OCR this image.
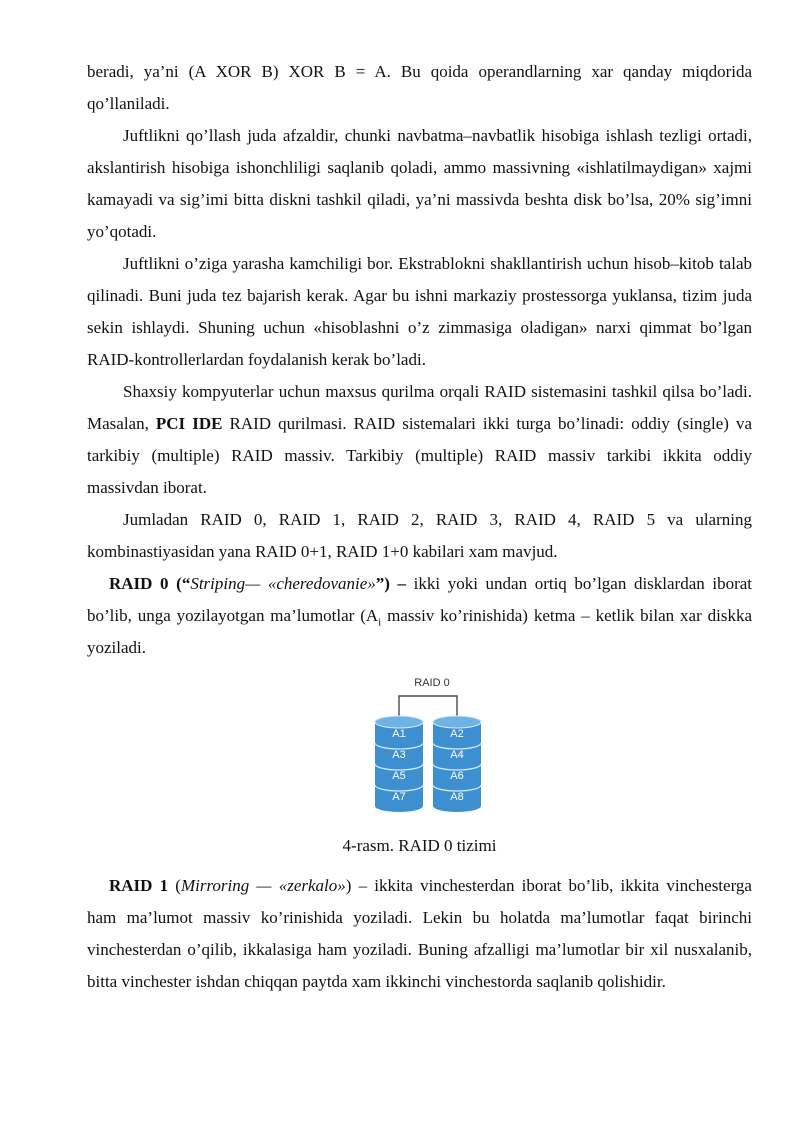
beradi, ya’ni (A XOR B) XOR B = A. Bu qoida operandlarning xar qanday miqdorida qo’llaniladi.

Juftlikni qo’llash juda afzaldir, chunki navbatma–navbatlik hisobiga ishlash tezligi ortadi, akslantirish hisobiga ishonchliligi saqlanib qoladi, ammo massivning «ishlatilmaydigan» xajmi kamayadi va sig’imi bitta diskni tashkil qiladi, ya’ni massivda beshta disk bo’lsa, 20% sig’imni yo’qotadi.

Juftlikni o’ziga yarasha kamchiligi bor. Ekstrablokni shakllantirish uchun hisob–kitob talab qilinadi. Buni juda tez bajarish kerak. Agar bu ishni markaziy prostessorga yuklansa, tizim juda sekin ishlaydi. Shuning uchun «hisoblashni o’z zimmasiga oladigan» narxi qimmat bo’lgan RAID-kontrollerlardan foydalanish kerak bo’ladi.

Shaxsiy kompyuterlar uchun maxsus qurilma orqali RAID sistemasini tashkil qilsa bo’ladi. Masalan, PCI IDE RAID qurilmasi. RAID sistemalari ikki turga bo’linadi: oddiy (single) va tarkibiy (multiple) RAID massiv. Tarkibiy (multiple) RAID massiv tarkibi ikkita oddiy massivdan iborat.

Jumladan RAID 0, RAID 1, RAID 2, RAID 3, RAID 4, RAID 5 va ularning kombinastiyasidan yana RAID 0+1, RAID 1+0 kabilari xam mavjud.

RAID 0 (“Striping— «cheredovanie»”) – ikki yoki undan ortiq bo’lgan disklardan iborat bo’lib, unga yozilayotgan ma’lumotlar ($A_i$ massiv ko’rinishida) ketma – ketlik bilan xar diskka yoziladi.

RAID 0
A1
A3
A5
A7
A2
A4
A6
A8

4-rasm. RAID 0 tizimi

RAID 1 (Mirroring — «zerkalo») – ikkita vinchesterdan iborat bo’lib, ikkita vinchesterga ham ma’lumot massiv ko’rinishida yoziladi. Lekin bu holatda ma’lumotlar faqat birinchi vinchesterdan o’qilib, ikkalasiga ham yoziladi. Buning afzalligi ma’lumotlar bir xil nusxalanib, bitta vinchester ishdan chiqqan paytda xam ikkinchi vinchestorda saqlanib qolishidir.
